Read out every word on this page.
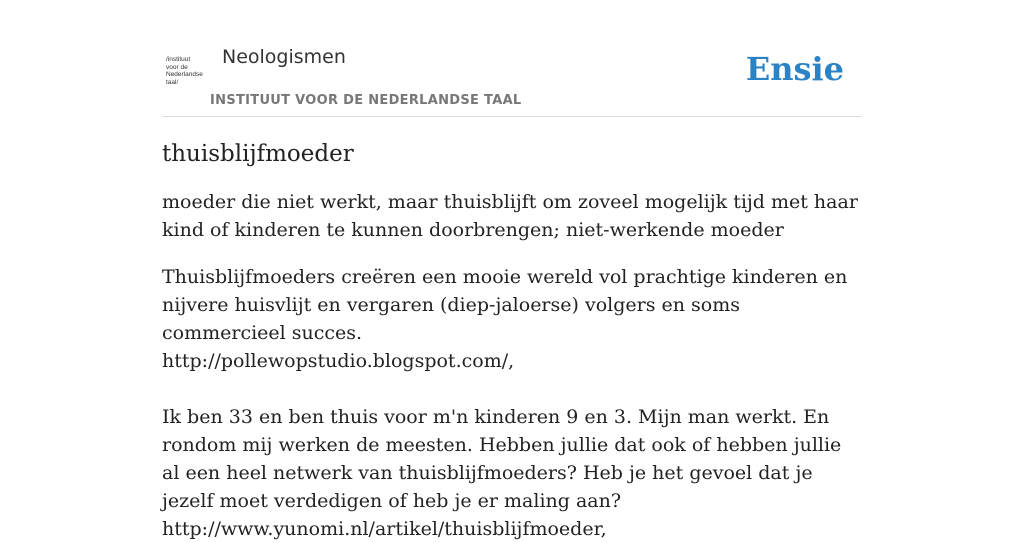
/instituut
voor de
Nederlandse
taal/
Neologismen
INSTITUUT VOOR DE NEDERLANDSE TAAL
Ensie
thuisblijfmoeder

moeder die niet werkt, maar thuisblijft om zoveel mogelijk tijd met haar kind of kinderen te kunnen doorbrengen; niet-werkende moeder

Thuisblijfmoeders creëren een mooie wereld vol prachtige kinderen en nijvere huisvlijt en vergaren (diep-jaloerse) volgers en soms commercieel succes.
http://pollewopstudio.blogspot.com/,
Ik ben 33 en ben thuis voor m'n kinderen 9 en 3. Mijn man werkt. En rondom mij werken de meesten. Hebben jullie dat ook of hebben jullie al een heel netwerk van thuisblijfmoeders? Heb je het gevoel dat je jezelf moet verdedigen of heb je er maling aan?
http://www.yunomi.nl/artikel/thuisblijfmoeder,
